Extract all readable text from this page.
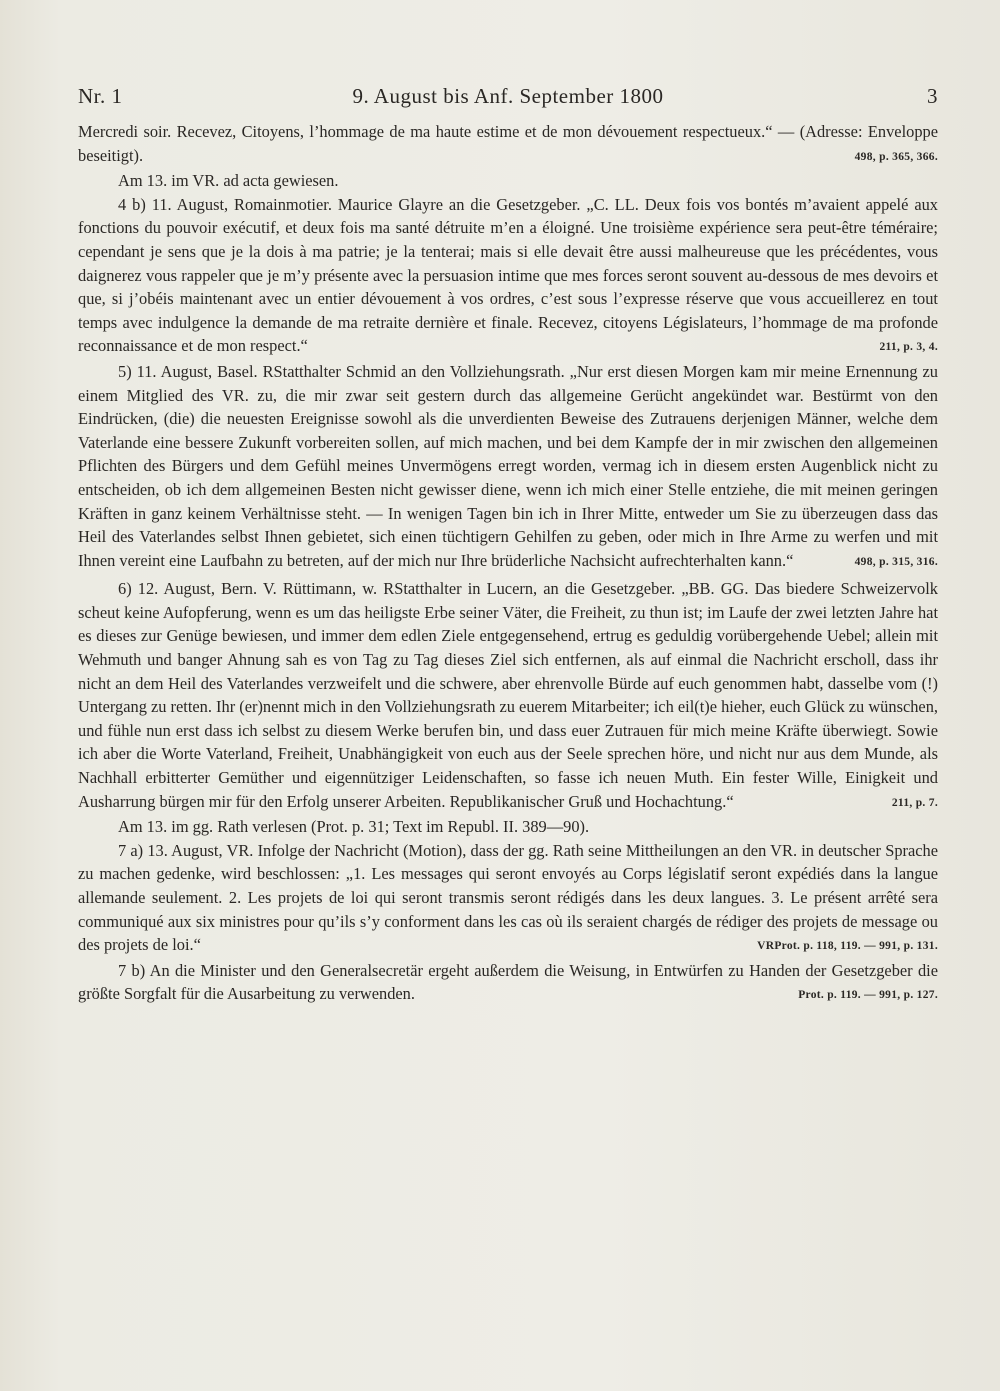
Nr. 1	9. August bis Anf. September 1800	3

Mercredi soir. Recevez, Citoyens, l’hommage de ma haute estime et de mon dévouement respectueux.“ — (Adresse: Enveloppe beseitigt).	498, p. 365, 366.

Am 13. im VR. ad acta gewiesen.

4 b) 11. August, Romainmotier. Maurice Glayre an die Gesetzgeber. „C. LL. Deux fois vos bontés m’avaient appelé aux fonctions du pouvoir exécutif, et deux fois ma santé détruite m’en a éloigné. Une troisième expérience sera peut-être téméraire; cependant je sens que je la dois à ma patrie; je la tenterai; mais si elle devait être aussi malheureuse que les précédentes, vous daignerez vous rappeler que je m’y présente avec la persuasion intime que mes forces seront souvent au-dessous de mes devoirs et que, si j’obéis maintenant avec un entier dévouement à vos ordres, c’est sous l’expresse réserve que vous accueillerez en tout temps avec indulgence la demande de ma retraite dernière et finale. Recevez, citoyens Législateurs, l’hommage de ma profonde reconnaissance et de mon respect.“	211, p. 3, 4.

5) 11. August, Basel. RStatthalter Schmid an den Vollziehungsrath. „Nur erst diesen Morgen kam mir meine Ernennung zu einem Mitglied des VR. zu, die mir zwar seit gestern durch das allgemeine Gerücht angekündet war. Bestürmt von den Eindrücken, (die) die neuesten Ereignisse sowohl als die unverdienten Beweise des Zutrauens derjenigen Männer, welche dem Vaterlande eine bessere Zukunft vorbereiten sollen, auf mich machen, und bei dem Kampfe der in mir zwischen den allgemeinen Pflichten des Bürgers und dem Gefühl meines Unvermögens erregt worden, vermag ich in diesem ersten Augenblick nicht zu entscheiden, ob ich dem allgemeinen Besten nicht gewisser diene, wenn ich mich einer Stelle entziehe, die mit meinen geringen Kräften in ganz keinem Verhältnisse steht. — In wenigen Tagen bin ich in Ihrer Mitte, entweder um Sie zu überzeugen dass das Heil des Vaterlandes selbst Ihnen gebietet, sich einen tüchtigern Gehilfen zu geben, oder mich in Ihre Arme zu werfen und mit Ihnen vereint eine Laufbahn zu betreten, auf der mich nur Ihre brüderliche Nachsicht aufrechterhalten kann.“	498, p. 315, 316.

6) 12. August, Bern. V. Rüttimann, w. RStatthalter in Lucern, an die Gesetzgeber. „BB. GG. Das biedere Schweizervolk scheut keine Aufopferung, wenn es um das heiligste Erbe seiner Väter, die Freiheit, zu thun ist; im Laufe der zwei letzten Jahre hat es dieses zur Genüge bewiesen, und immer dem edlen Ziele entgegensehend, ertrug es geduldig vorübergehende Uebel; allein mit Wehmuth und banger Ahnung sah es von Tag zu Tag dieses Ziel sich entfernen, als auf einmal die Nachricht erscholl, dass ihr nicht an dem Heil des Vaterlandes verzweifelt und die schwere, aber ehrenvolle Bürde auf euch genommen habt, dasselbe vom (!) Untergang zu retten. Ihr (er)nennt mich in den Vollziehungsrath zu euerem Mitarbeiter; ich eil(t)e hieher, euch Glück zu wünschen, und fühle nun erst dass ich selbst zu diesem Werke berufen bin, und dass euer Zutrauen für mich meine Kräfte überwiegt. Sowie ich aber die Worte Vaterland, Freiheit, Unabhängigkeit von euch aus der Seele sprechen höre, und nicht nur aus dem Munde, als Nachhall erbitterter Gemüther und eigennütziger Leidenschaften, so fasse ich neuen Muth. Ein fester Wille, Einigkeit und Ausharrung bürgen mir für den Erfolg unserer Arbeiten. Republikanischer Gruß und Hochachtung.“	211, p. 7.

Am 13. im gg. Rath verlesen (Prot. p. 31; Text im Republ. II. 389—90).

7 a) 13. August, VR. Infolge der Nachricht (Motion), dass der gg. Rath seine Mittheilungen an den VR. in deutscher Sprache zu machen gedenke, wird beschlossen: „1. Les messages qui seront envoyés au Corps législatif seront expédiés dans la langue allemande seulement. 2. Les projets de loi qui seront transmis seront rédigés dans les deux langues. 3. Le présent arrêté sera communiqué aux six ministres pour qu’ils s’y conforment dans les cas où ils seraient chargés de rédiger des projets de message ou des projets de loi.“	VRProt. p. 118, 119. — 991, p. 131.

7 b) An die Minister und den Generalsecretär ergeht außerdem die Weisung, in Entwürfen zu Handen der Gesetzgeber die größte Sorgfalt für die Ausarbeitung zu verwenden.	Prot. p. 119. — 991, p. 127.
